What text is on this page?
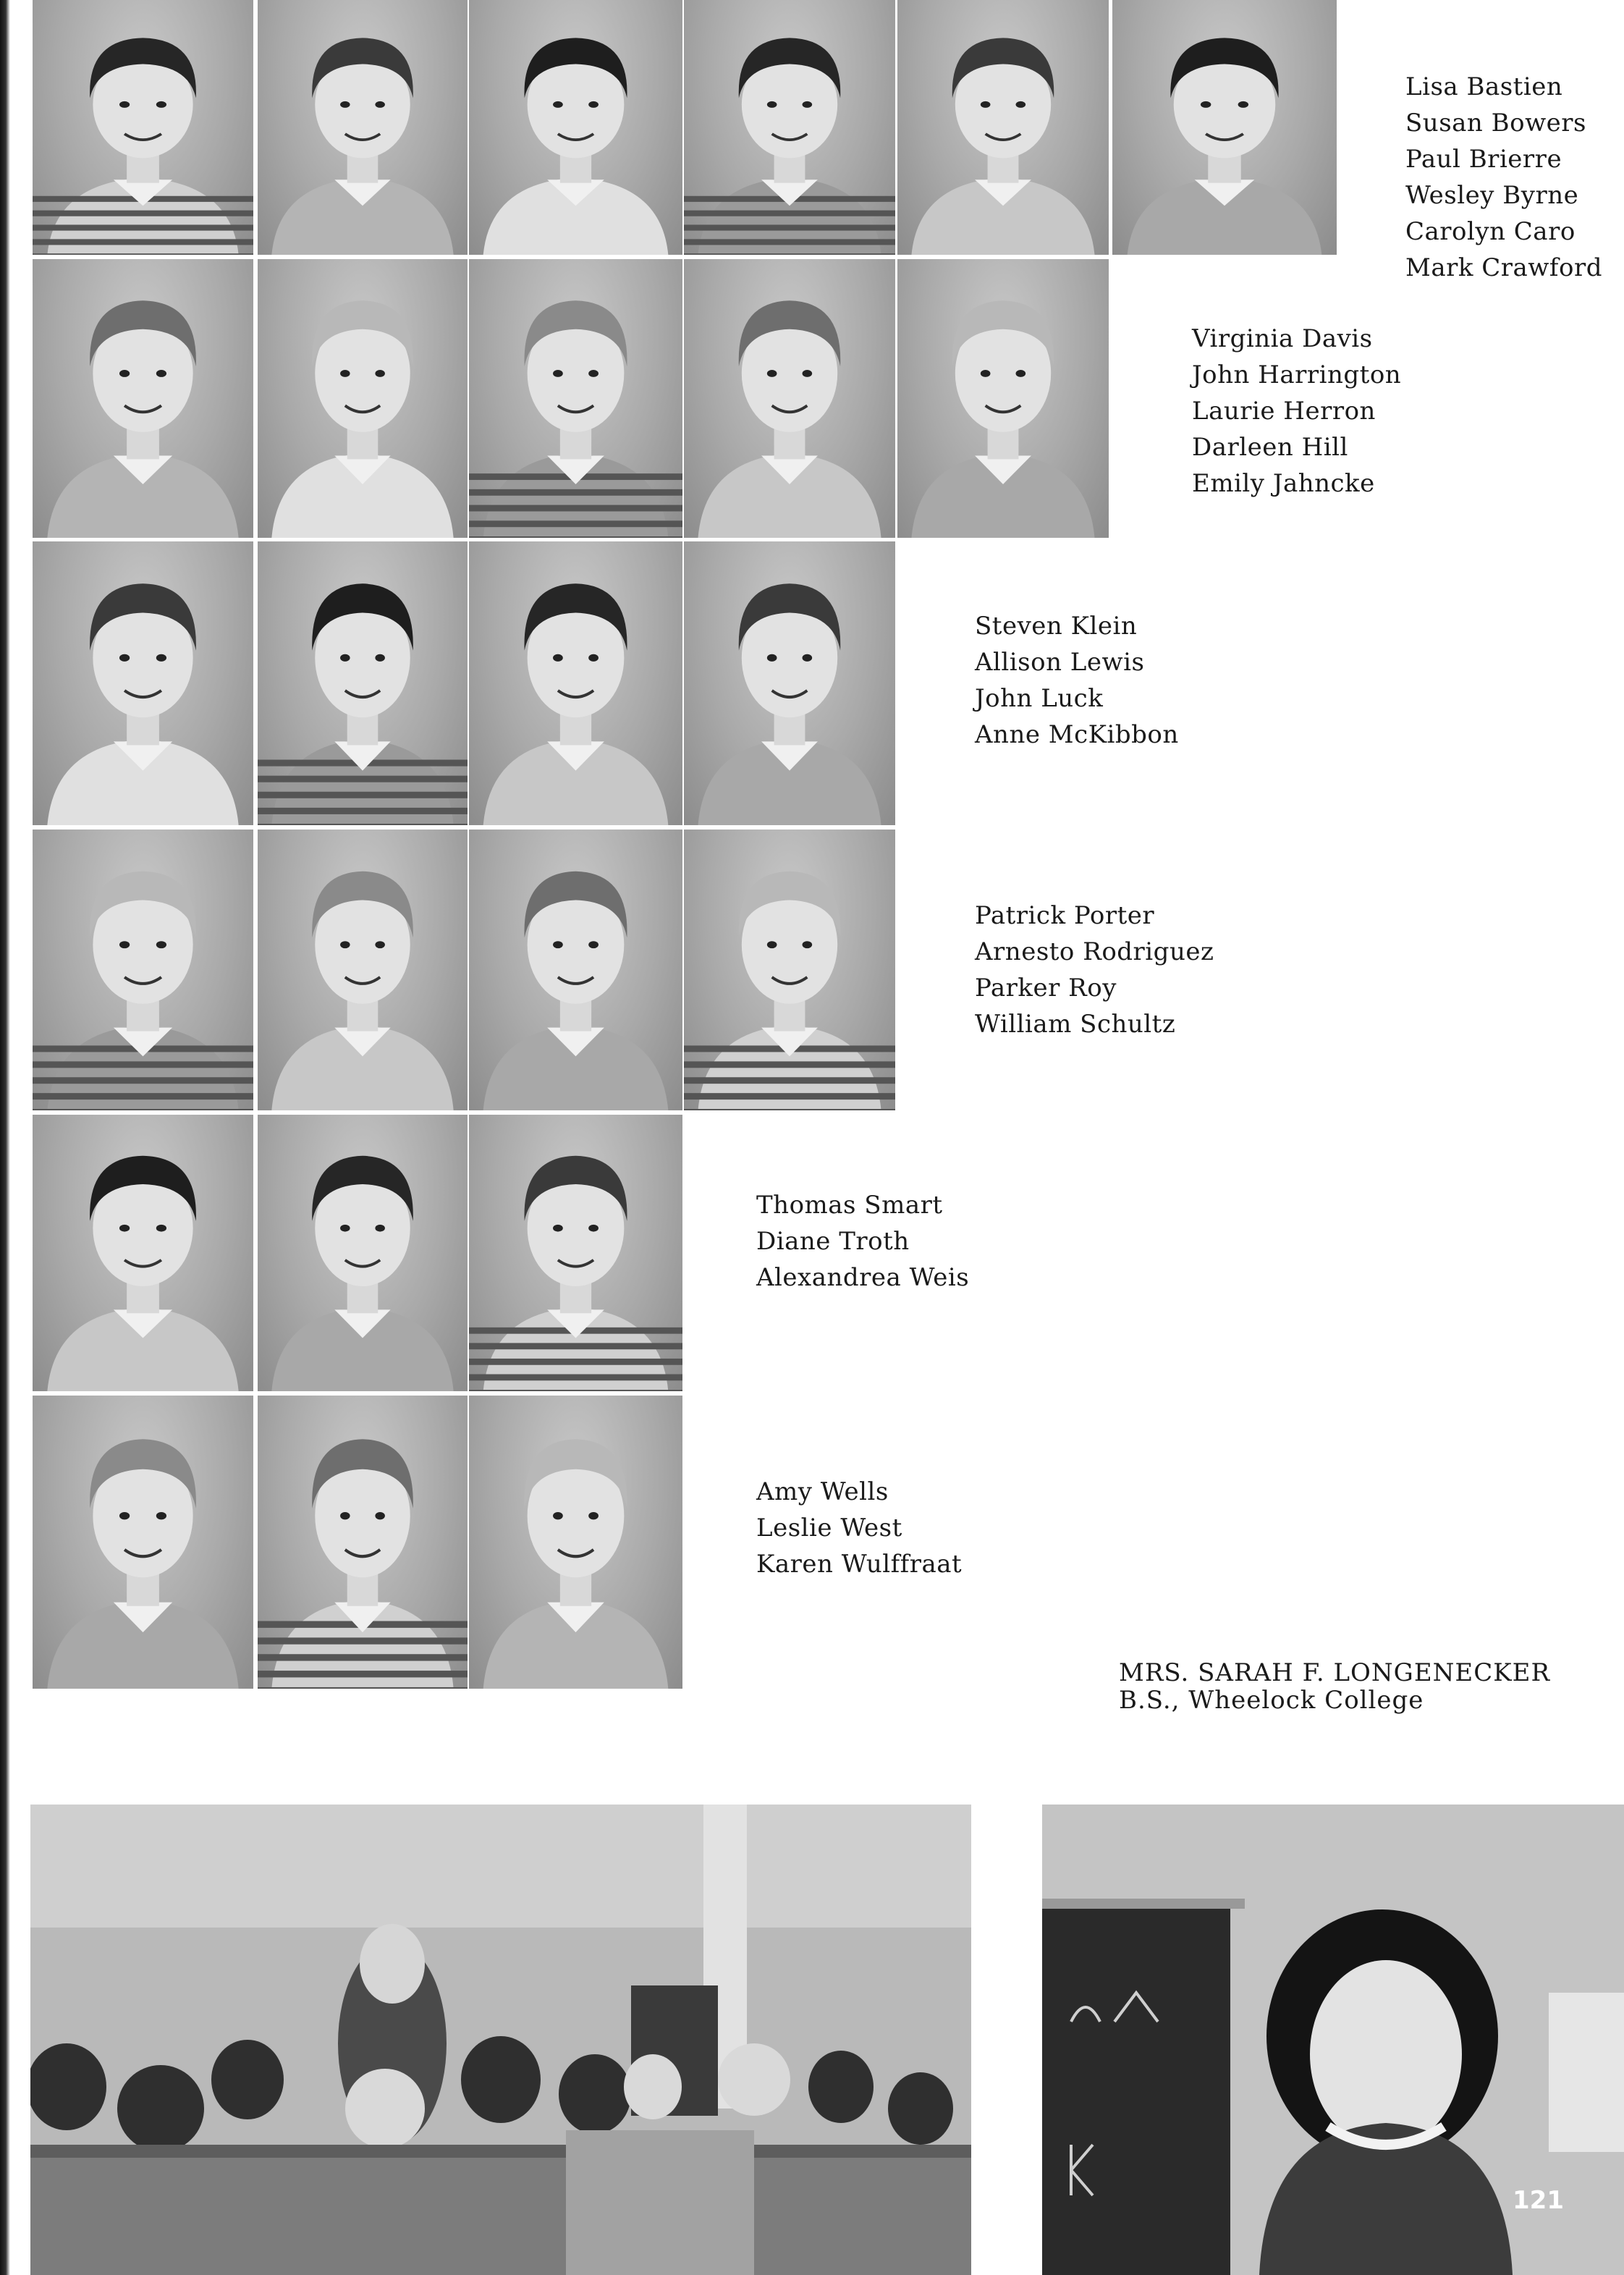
Lisa Bastien
Susan Bowers
Paul Brierre
Wesley Byrne
Carolyn Caro
Mark Crawford
Virginia Davis
John Harrington
Laurie Herron
Darleen Hill
Emily Jahncke
Steven Klein
Allison Lewis
John Luck
Anne McKibbon
Patrick Porter
Arnesto Rodriguez
Parker Roy
William Schultz
Thomas Smart
Diane Troth
Alexandrea Weis
Amy Wells
Leslie West
Karen Wulffraat
MRS. SARAH F. LONGENECKER
B.S., Wheelock College
121
